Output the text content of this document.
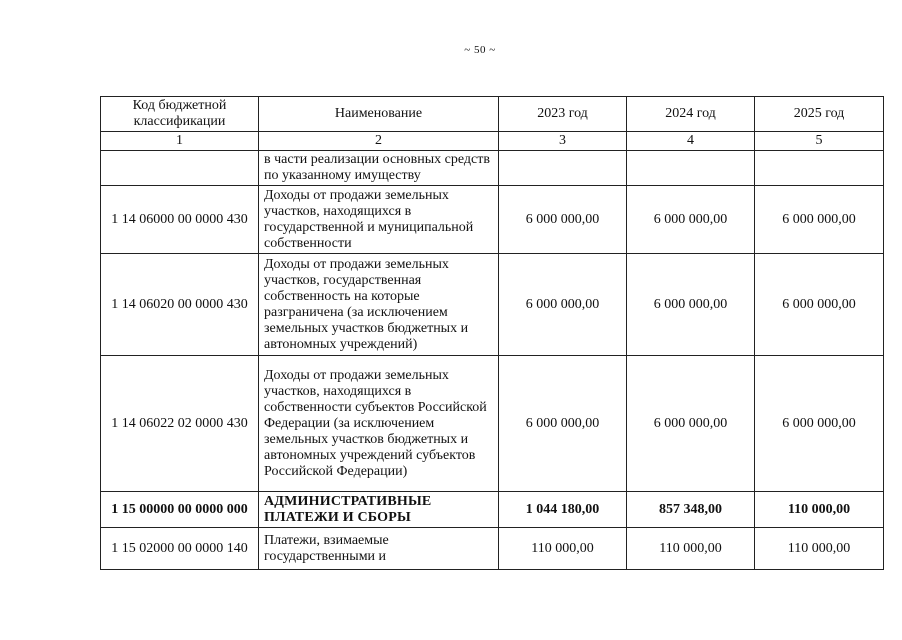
~ 50 ~
Код бюджетной классификации	Наименование	2023 год	2024 год	2025 год
1	2	3	4	5
	в части реализации основных средств по указанному имуществу			
1 14 06000 00 0000 430	Доходы от продажи земельных участков, находящихся в государственной и муниципальной собственности	6 000 000,00	6 000 000,00	6 000 000,00
1 14 06020 00 0000 430	Доходы от продажи земельных участков, государственная собственность на которые разграничена (за исключением земельных участков бюджетных и автономных учреждений)	6 000 000,00	6 000 000,00	6 000 000,00
1 14 06022 02 0000 430	Доходы от продажи земельных участков, находящихся в собственности субъектов Российской Федерации (за исключением земельных участков бюджетных и автономных учреждений субъектов Российской Федерации)	6 000 000,00	6 000 000,00	6 000 000,00
1 15 00000 00 0000 000	АДМИНИСТРАТИВНЫЕ ПЛАТЕЖИ И СБОРЫ	1 044 180,00	857 348,00	110 000,00
1 15 02000 00 0000 140	Платежи, взимаемые государственными и	110 000,00	110 000,00	110 000,00
